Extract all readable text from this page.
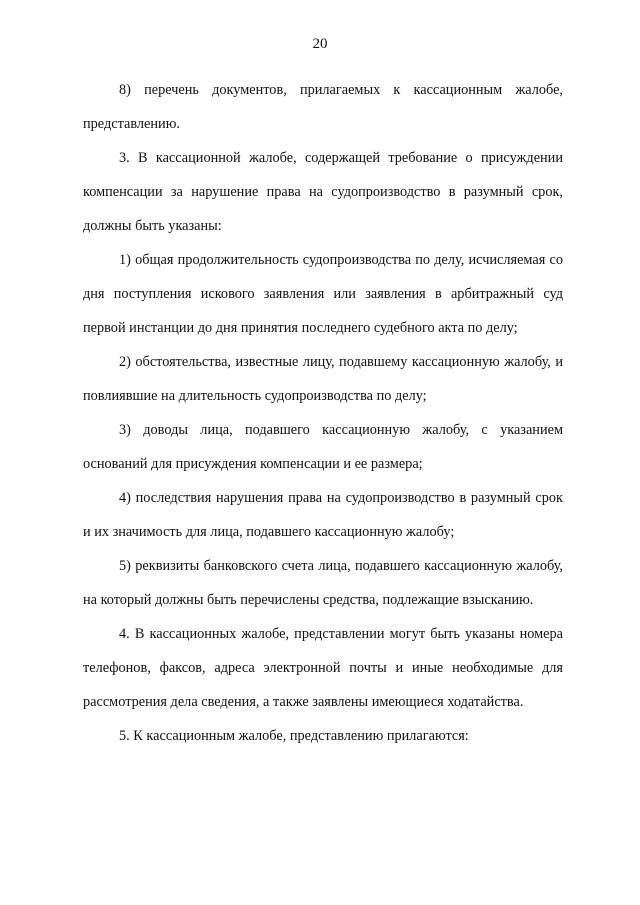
20

8) перечень документов, прилагаемых к кассационным жалобе, представлению.

3. В кассационной жалобе, содержащей требование о присуждении компенсации за нарушение права на судопроизводство в разумный срок, должны быть указаны:

1) общая продолжительность судопроизводства по делу, исчисляемая со дня поступления искового заявления или заявления в арбитражный суд первой инстанции до дня принятия последнего судебного акта по делу;

2) обстоятельства, известные лицу, подавшему кассационную жалобу, и повлиявшие на длительность судопроизводства по делу;

3) доводы лица, подавшего кассационную жалобу, с указанием оснований для присуждения компенсации и ее размера;

4) последствия нарушения права на судопроизводство в разумный срок и их значимость для лица, подавшего кассационную жалобу;

5) реквизиты банковского счета лица, подавшего кассационную жалобу, на который должны быть перечислены средства, подлежащие взысканию.

4. В кассационных жалобе, представлении могут быть указаны номера телефонов, факсов, адреса электронной почты и иные необходимые для рассмотрения дела сведения, а также заявлены имеющиеся ходатайства.

5. К кассационным жалобе, представлению прилагаются:
